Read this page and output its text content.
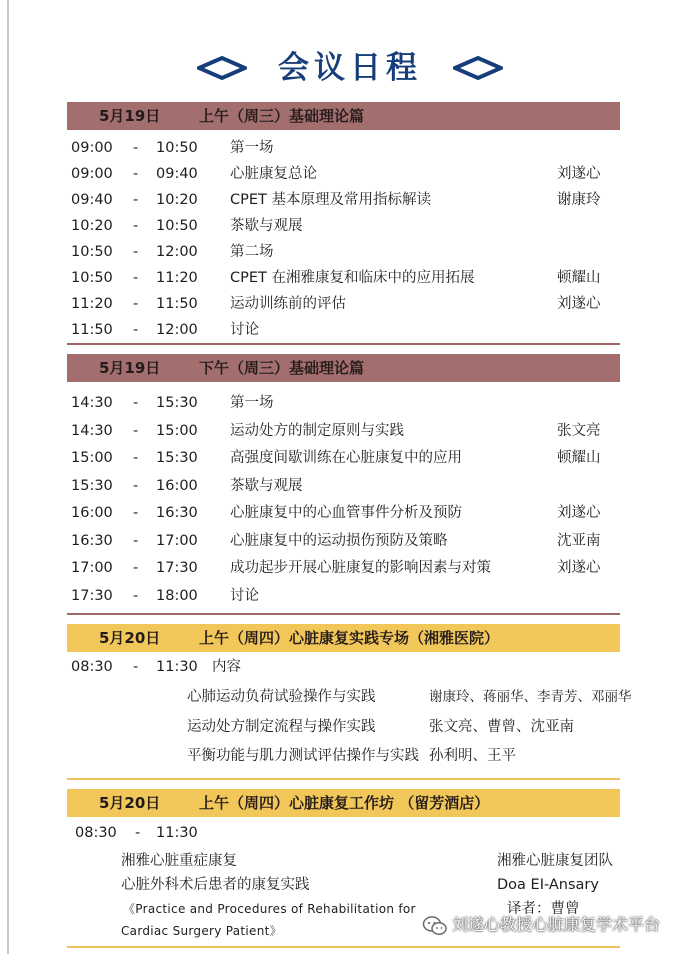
会议日程
5月19日	上午（周三）基础理论篇
09:00 - 10:50 第一场
09:00 - 09:40 心脏康复总论	刘遂心
09:40 - 10:20 CPET 基本原理及常用指标解读	谢康玲
10:20 - 10:50 茶歇与观展
10:50 - 12:00 第二场
10:50 - 11:20 CPET 在湘雅康复和临床中的应用拓展	顿耀山
11:20 - 11:50 运动训练前的评估	刘遂心
11:50 - 12:00 讨论
5月19日	下午（周三）基础理论篇
14:30 - 15:30 第一场
14:30 - 15:00 运动处方的制定原则与实践	张文亮
15:00 - 15:30 高强度间歇训练在心脏康复中的应用	顿耀山
15:30 - 16:00 茶歇与观展
16:00 - 16:30 心脏康复中的心血管事件分析及预防	刘遂心
16:30 - 17:00 心脏康复中的运动损伤预防及策略	沈亚南
17:00 - 17:30 成功起步开展心脏康复的影响因素与对策	刘遂心
17:30 - 18:00 讨论
5月20日	上午（周四）心脏康复实践专场（湘雅医院）
08:30 - 11:30 内容
心肺运动负荷试验操作与实践	谢康玲、蒋丽华、李青芳、邓丽华
运动处方制定流程与操作实践	张文亮、曹曾、沈亚南
平衡功能与肌力测试评估操作与实践 孙利明、王平
5月20日	上午（周四）心脏康复工作坊 （留芳酒店）
08:30 - 11:30
湘雅心脏重症康复	湘雅心脏康复团队
心脏外科术后患者的康复实践	Doa EI-Ansary
《Practice and Procedures of Rehabilitation for	译者：曹曾
Cardiac Surgery Patient》	刘遂心教授心脏康复学术平台
